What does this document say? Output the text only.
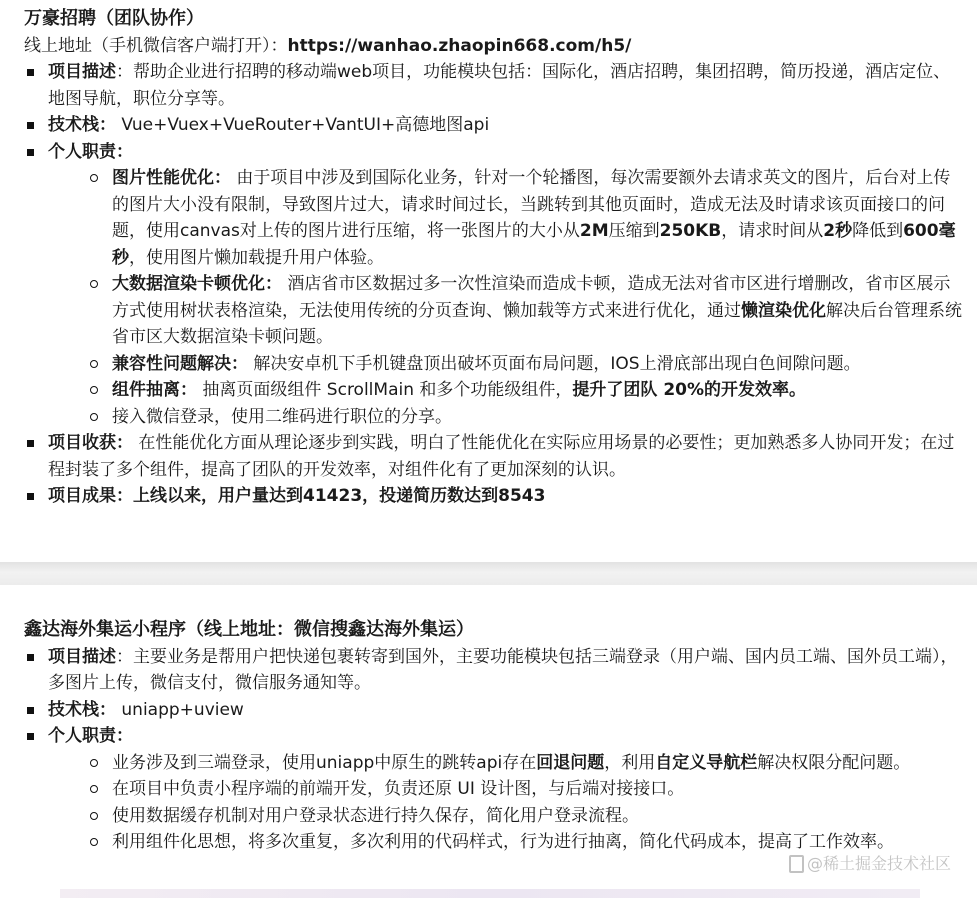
万豪招聘（团队协作）
线上地址（手机微信客户端打开）：https://wanhao.zhaopin668.com/h5/
项目描述：帮助企业进行招聘的移动端web项目，功能模块包括：国际化，酒店招聘，集团招聘，简历投递，酒店定位、地图导航，职位分享等。
技术栈： Vue+Vuex+VueRouter+VantUI+高德地图api
个人职责：
图片性能优化： 由于项目中涉及到国际化业务，针对一个轮播图，每次需要额外去请求英文的图片，后台对上传的图片大小没有限制，导致图片过大，请求时间过长，当跳转到其他页面时，造成无法及时请求该页面接口的问题，使用canvas对上传的图片进行压缩，将一张图片的大小从2M压缩到250KB，请求时间从2秒降低到600毫秒，使用图片懒加载提升用户体验。
大数据渲染卡顿优化： 酒店省市区数据过多一次性渲染而造成卡顿，造成无法对省市区进行增删改，省市区展示方式使用树状表格渲染，无法使用传统的分页查询、懒加载等方式来进行优化，通过懒渲染优化解决后台管理系统省市区大数据渲染卡顿问题。
兼容性问题解决： 解决安卓机下手机键盘顶出破坏页面布局问题，IOS上滑底部出现白色间隙问题。
组件抽离： 抽离页面级组件 ScrollMain 和多个功能级组件，提升了团队 20%的开发效率。
接入微信登录，使用二维码进行职位的分享。
项目收获： 在性能优化方面从理论逐步到实践，明白了性能优化在实际应用场景的必要性；更加熟悉多人协同开发；在过程封装了多个组件，提高了团队的开发效率，对组件化有了更加深刻的认识。
项目成果：上线以来，用户量达到41423，投递简历数达到8543
鑫达海外集运小程序（线上地址：微信搜鑫达海外集运）
项目描述：主要业务是帮用户把快递包裹转寄到国外，主要功能模块包括三端登录（用户端、国内员工端、国外员工端），多图片上传，微信支付，微信服务通知等。
技术栈： uniapp+uview
个人职责：
业务涉及到三端登录，使用uniapp中原生的跳转api存在回退问题，利用自定义导航栏解决权限分配问题。
在项目中负责小程序端的前端开发，负责还原 UI 设计图，与后端对接接口。
使用数据缓存机制对用户登录状态进行持久保存，简化用户登录流程。
利用组件化思想，将多次重复，多次利用的代码样式，行为进行抽离，简化代码成本，提高了工作效率。
@稀土掘金技术社区
